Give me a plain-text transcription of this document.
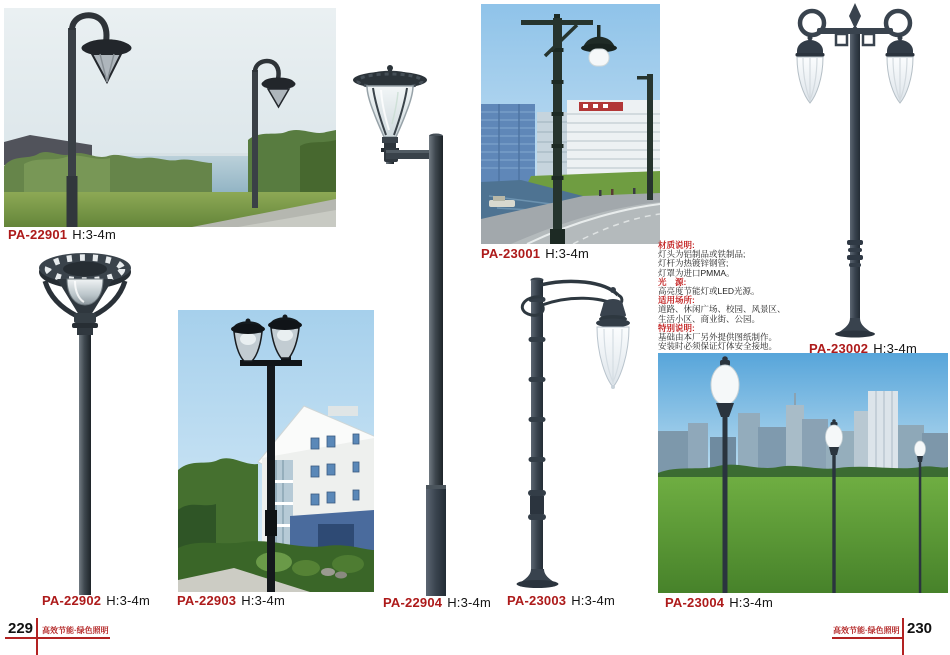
材质说明:
灯头为铝制品或铁制品;
灯杆为热镀锌钢管;
灯罩为进口PMMA。
光　源:
高亮度节能灯或LED光源。
适用场所:
道路、休闲广场、校园、风景区、
生活小区、商业街、公园。
特别说明:
基础由本厂另外提供图纸制作。
安装时必须保证灯体安全接地。
PA-22901 H:3-4m
PA-22902 H:3-4m PA-22903 H:3-4m	PA-22904 H:3-4m
PA-23001 H:3-4m
PA-23002 H:3-4m
PA-23003 H:3-4m	PA-23004 H:3-4m
229 高效节能·绿色照明	高效节能·绿色照明 230
